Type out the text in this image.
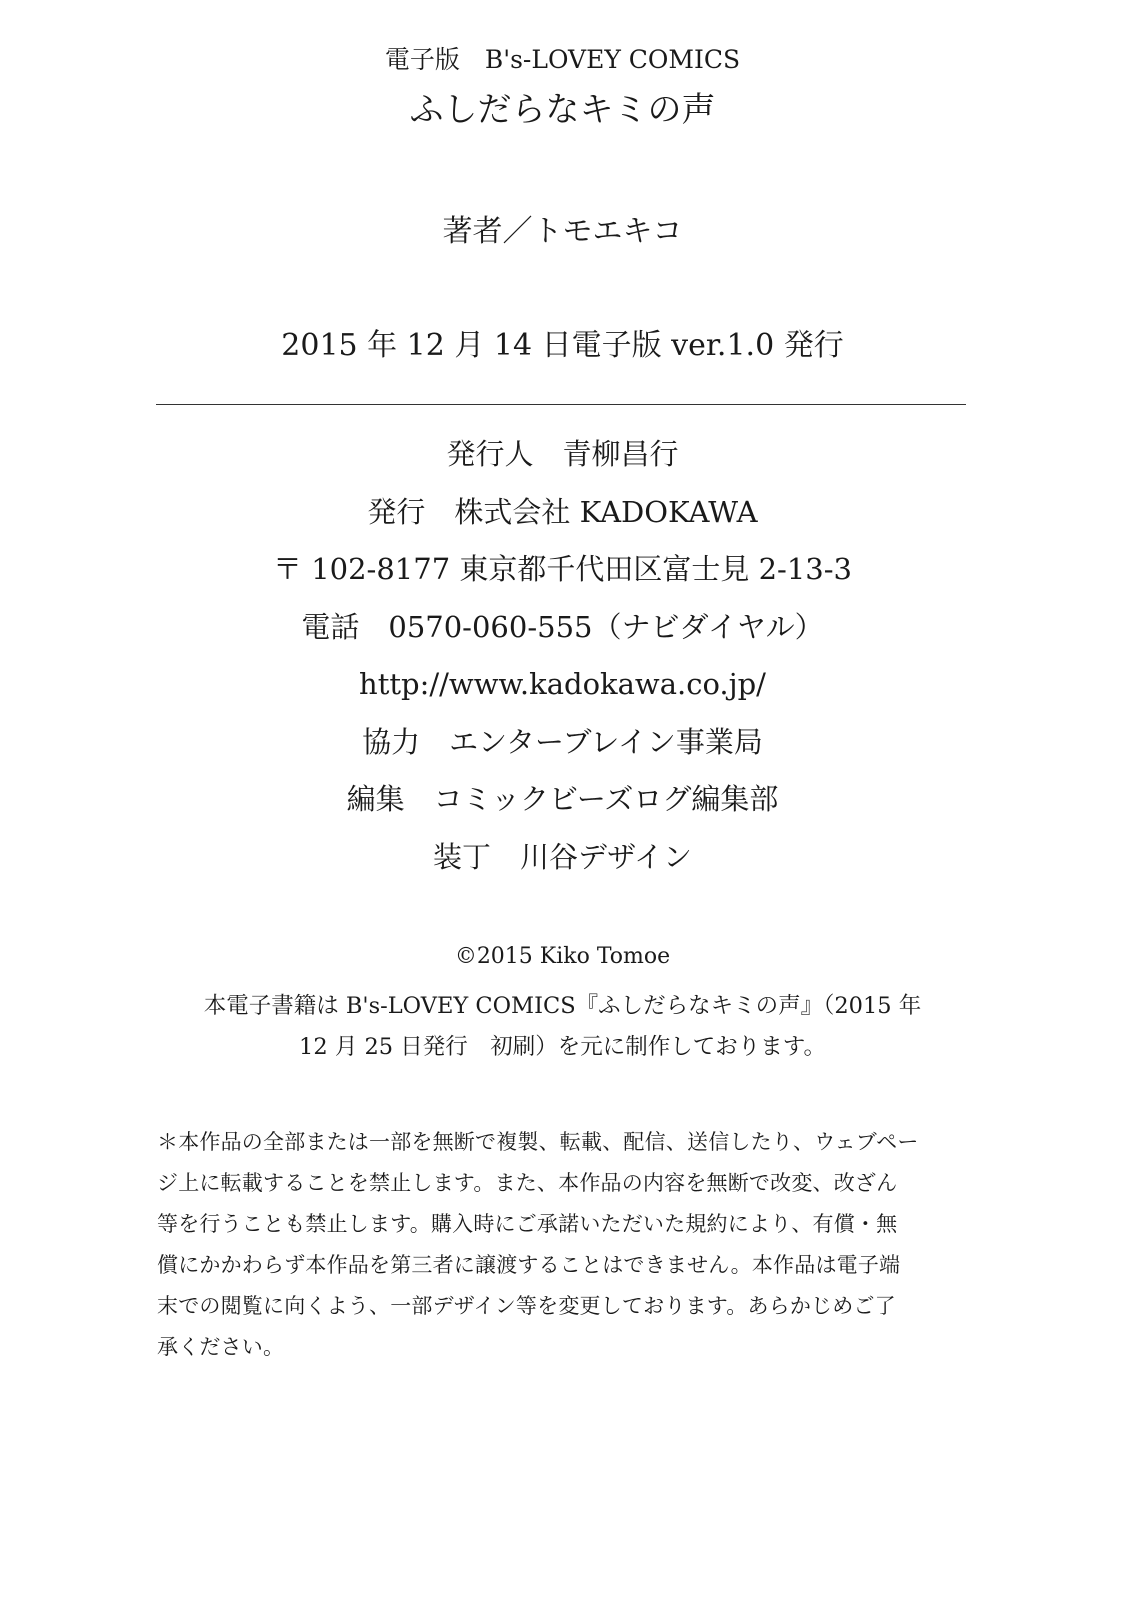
電子版　B's-LOVEY COMICS
ふしだらなキミの声
著者／トモエキコ
2015 年 12 月 14 日電子版 ver.1.0 発行
発行人　青柳昌行
発行　株式会社 KADOKAWA
〒 102-8177 東京都千代田区富士見 2-13-3
電話　0570-060-555（ナビダイヤル）
http://www.kadokawa.co.jp/
協力　エンターブレイン事業局
編集　コミックビーズログ編集部
装丁　川谷デザイン
©2015 Kiko Tomoe
本電子書籍は B's-LOVEY COMICS『ふしだらなキミの声』（2015 年
12 月 25 日発行　初刷）を元に制作しております。
＊本作品の全部または一部を無断で複製、転載、配信、送信したり、ウェブペー
ジ上に転載することを禁止します。また、本作品の内容を無断で改変、改ざん
等を行うことも禁止します。購入時にご承諾いただいた規約により、有償・無
償にかかわらず本作品を第三者に譲渡することはできません。本作品は電子端
末での閲覧に向くよう、一部デザイン等を変更しております。あらかじめご了
承ください。
